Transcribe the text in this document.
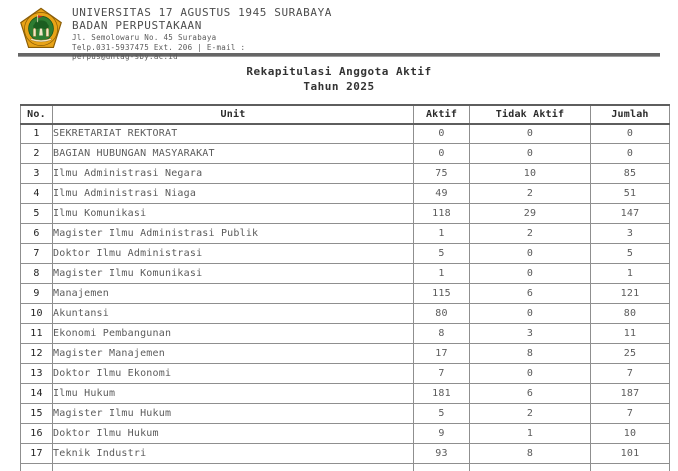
UNIVERSITAS 17 AGUSTUS 1945 SURABAYA
BADAN PERPUSTAKAAN
Jl. Semolowaru No. 45 Surabaya
Telp.031-5937475 Ext. 206 | E-mail : perpus@untag-sby.ac.id
Rekapitulasi Anggota Aktif
Tahun 2025
No.	Unit	Aktif	Tidak Aktif	Jumlah
1	SEKRETARIAT REKTORAT	0	0	0
2	BAGIAN HUBUNGAN MASYARAKAT	0	0	0
3	Ilmu Administrasi Negara	75	10	85
4	Ilmu Administrasi Niaga	49	2	51
5	Ilmu Komunikasi	118	29	147
6	Magister Ilmu Administrasi Publik	1	2	3
7	Doktor Ilmu Administrasi	5	0	5
8	Magister Ilmu Komunikasi	1	0	1
9	Manajemen	115	6	121
10	Akuntansi	80	0	80
11	Ekonomi Pembangunan	8	3	11
12	Magister Manajemen	17	8	25
13	Doktor Ilmu Ekonomi	7	0	7
14	Ilmu Hukum	181	6	187
15	Magister Ilmu Hukum	5	2	7
16	Doktor Ilmu Hukum	9	1	10
17	Teknik Industri	93	8	101
